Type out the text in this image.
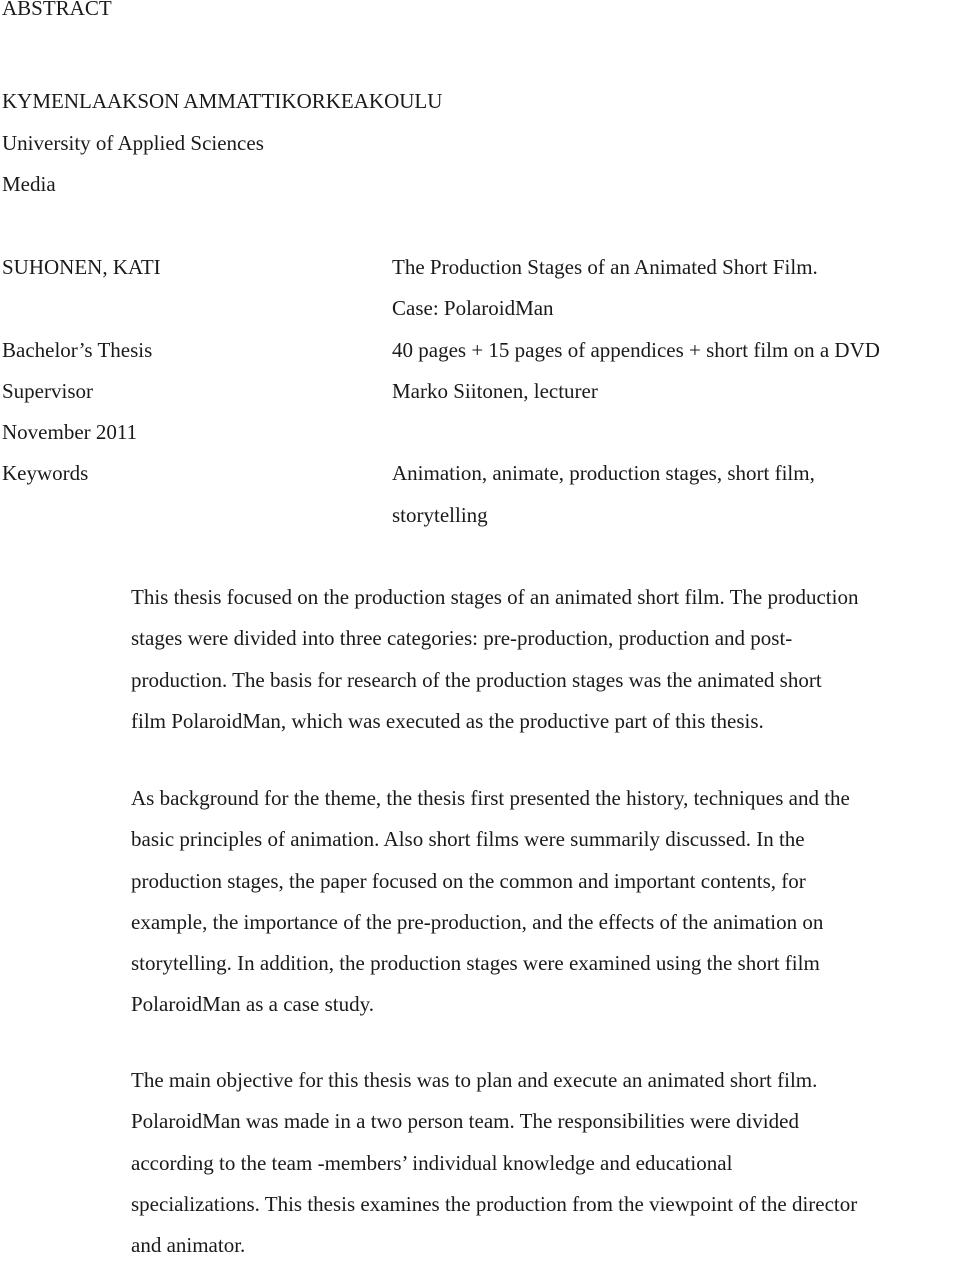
ABSTRACT
KYMENLAAKSON AMMATTIKORKEAKOULU
University of Applied Sciences
Media
SUHONEN, KATI	The Production Stages of an Animated Short Film.
Case: PolaroidMan
Bachelor’s Thesis	40 pages + 15 pages of appendices + short film on a DVD
Supervisor	Marko Siitonen, lecturer
November 2011
Keywords	Animation, animate, production stages, short film,
storytelling
This thesis focused on the production stages of an animated short film. The production
stages were divided into three categories: pre-production, production and post-
production. The basis for research of the production stages was the animated short
film PolaroidMan, which was executed as the productive part of this thesis.
As background for the theme, the thesis first presented the history, techniques and the
basic principles of animation. Also short films were summarily discussed. In the
production stages, the paper focused on the common and important contents, for
example, the importance of the pre-production, and the effects of the animation on
storytelling. In addition, the production stages were examined using the short film
PolaroidMan as a case study.
The main objective for this thesis was to plan and execute an animated short film.
PolaroidMan was made in a two person team. The responsibilities were divided
according to the team -members’ individual knowledge and educational
specializations. This thesis examines the production from the viewpoint of the director
and animator.
